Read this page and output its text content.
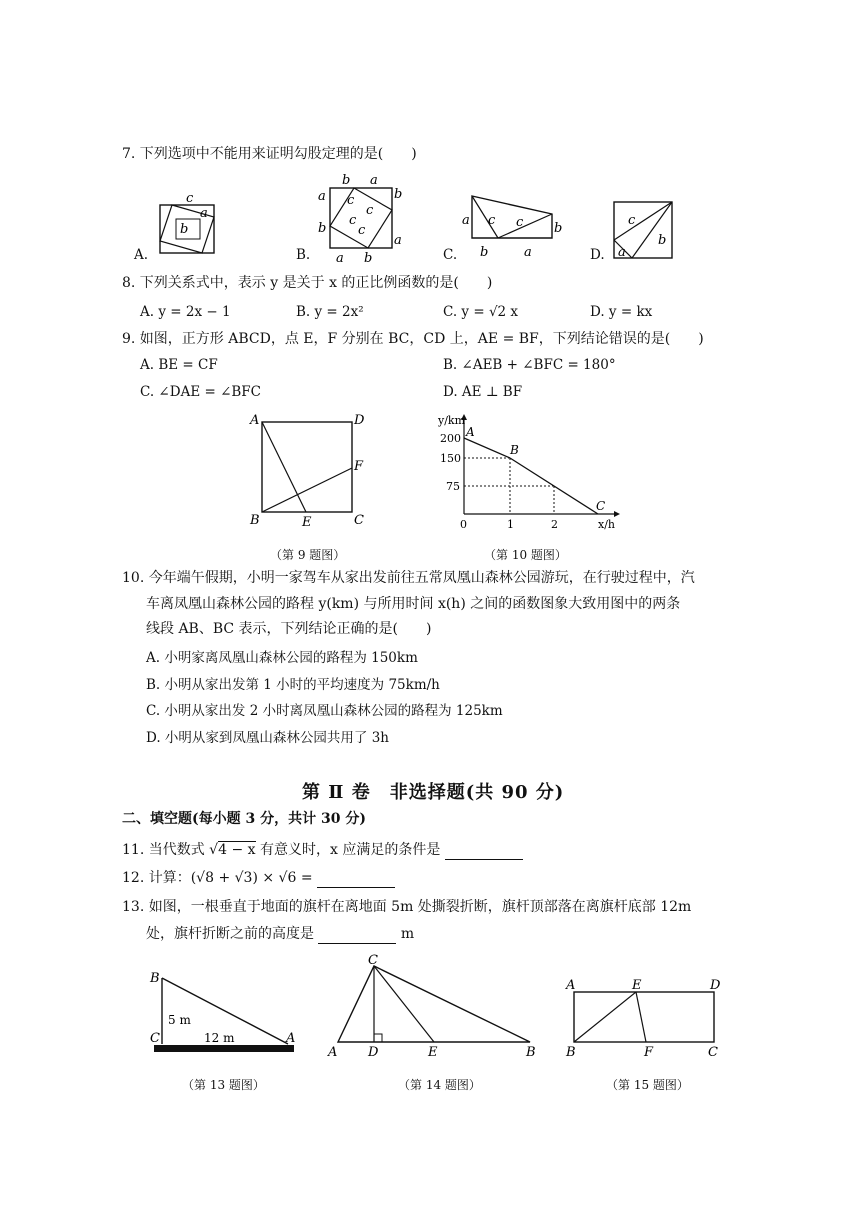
7. 下列选项中不能用来证明勾股定理的是(　　)
A.
c
a
b
B.
b a
a
b
b
a
a b
c
c
c
c
C.
a c c b
b	a	D.
c
b
a
8. 下列关系式中，表示 y 是关于 x 的正比例函数的是(　　)
A. y = 2x − 1	B. y = 2x²	C. y = √2 x	D. y = kx
9. 如图，正方形 ABCD，点 E，F 分别在 BC，CD 上，AE = BF，下列结论错误的是(　　)
A. BE = CF	B. ∠AEB + ∠BFC = 180°
C. ∠DAE = ∠BFC	D. AE ⊥ BF
A	D
F
B	E	C
（第 9 题图）
y/km
A
B
C
200
150
75
0	1	2	x/h
（第 10 题图）
10. 今年端午假期，小明一家驾车从家出发前往五常凤凰山森林公园游玩，在行驶过程中，汽
车离凤凰山森林公园的路程 y(km) 与所用时间 x(h) 之间的函数图象大致用图中的两条
线段 AB、BC 表示，下列结论正确的是(　　)
A. 小明家离凤凰山森林公园的路程为 150km
B. 小明从家出发第 1 小时的平均速度为 75km/h
C. 小明从家出发 2 小时离凤凰山森林公园的路程为 125km
D. 小明从家到凤凰山森林公园共用了 3h
第 Ⅱ 卷　非选择题(共 90 分)
二、填空题(每小题 3 分，共计 30 分)
11. 当代数式 √4 − x 有意义时，x 应满足的条件是
12. 计算：(√8 + √3) × √6 =
13. 如图，一根垂直于地面的旗杆在离地面 5m 处撕裂折断，旗杆顶部落在离旗杆底部 12m
处，旗杆折断之前的高度是	m
B
C	A
5 m
12 m
（第 13 题图）
C
A D	E	B
（第 14 题图）
A	E	D
B	F	C
（第 15 题图）
